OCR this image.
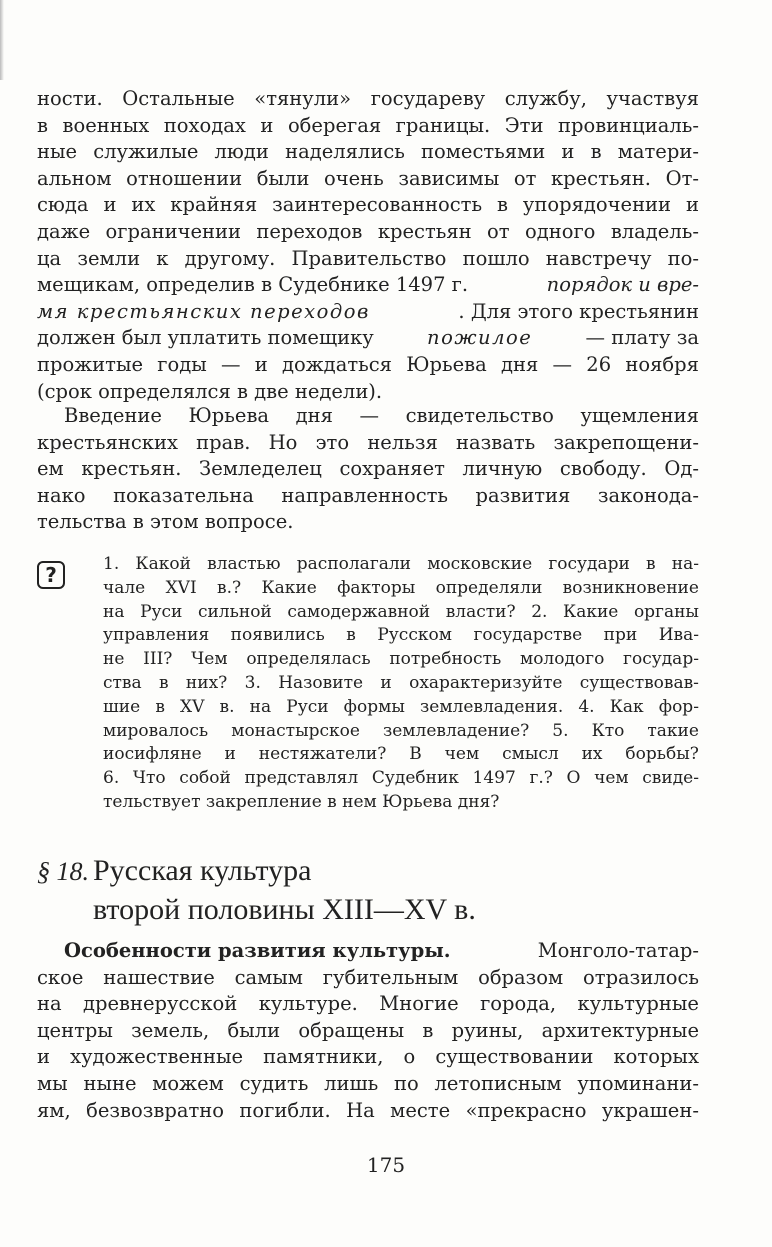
ности. Остальные «тянули» государеву службу, участвуя
в военных походах и оберегая границы. Эти провинциаль-
ные служилые люди наделялись поместьями и в матери-
альном отношении были очень зависимы от крестьян. От-
сюда и их крайняя заинтересованность в упорядочении и
даже ограничении переходов крестьян от одного владель-
ца земли к другому. Правительство пошло навстречу по-
мещикам, определив в Судебнике 1497 г.	порядок и вре-
мя крестьянских переходов	. Для этого крестьянин
должен был уплатить помещику пожилое — плату за
прожитые годы — и дождаться Юрьева дня — 26 ноября
(срок определялся в две недели).
Введение Юрьева дня — свидетельство ущемления
крестьянских прав. Но это нельзя назвать закрепощени-
ем крестьян. Земледелец сохраняет личную свободу. Од-
нако показательна направленность развития законода-
тельства в этом вопросе.
?	1. Какой властью располагали московские государи в на-
чале XVI в.? Какие факторы определяли возникновение
на Руси сильной самодержавной власти? 2. Какие органы
управления появились в Русском государстве при Ива-
не III? Чем определялась потребность молодого государ-
ства в них? 3. Назовите и охарактеризуйте существовав-
шие в XV в. на Руси формы землевладения. 4. Как фор-
мировалось монастырское землевладение? 5. Кто такие
иосифляне и нестяжатели? В чем смысл их борьбы?
6. Что собой представлял Судебник 1497 г.? О чем свиде-
тельствует закрепление в нем Юрьева дня?
§ 18. Русская культура
второй половины XIII—XV в.
Особенности развития культуры.	Монголо-татар-
ское нашествие самым губительным образом отразилось
на древнерусской культуре. Многие города, культурные
центры земель, были обращены в руины, архитектурные
и художественные памятники, о существовании которых
мы ныне можем судить лишь по летописным упоминани-
ям, безвозвратно погибли. На месте «прекрасно украшен-
175
